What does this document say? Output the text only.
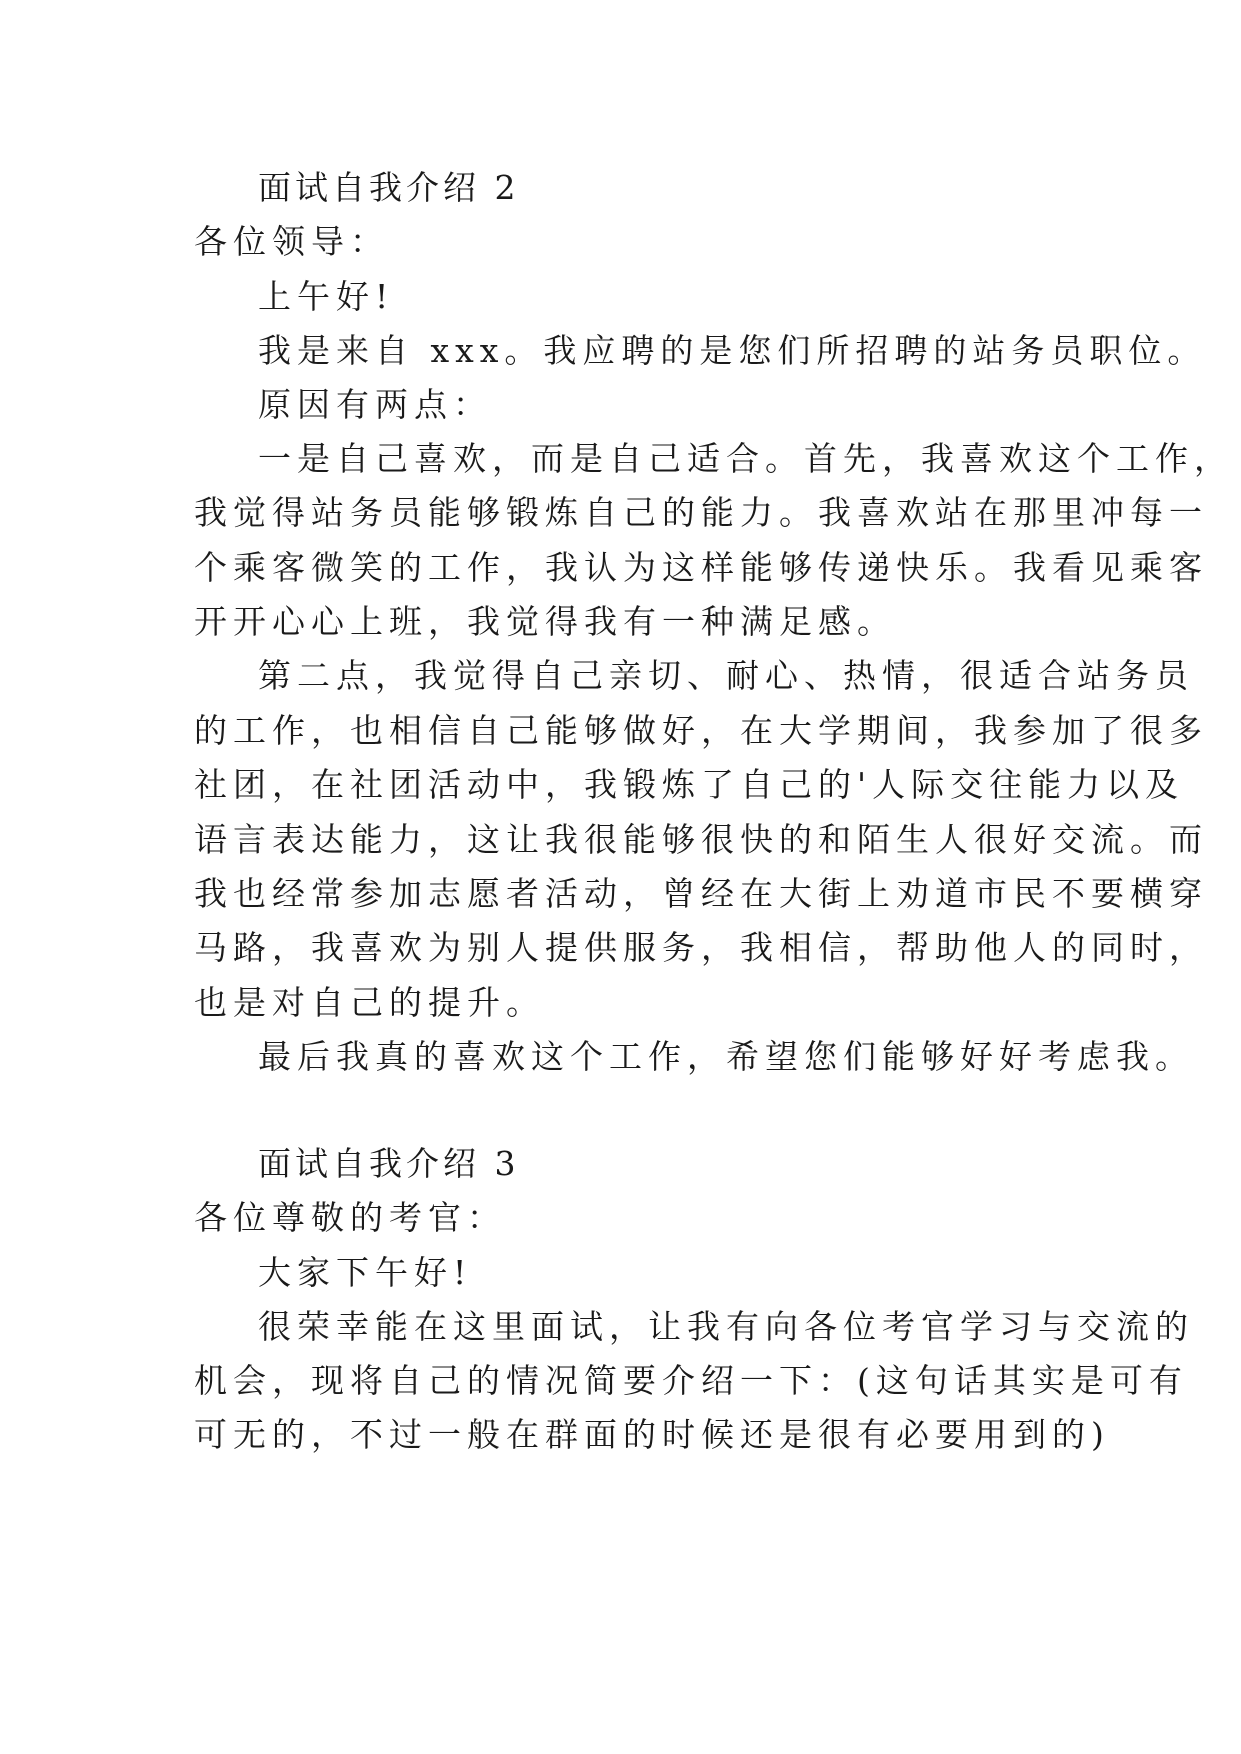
面试自我介绍 2
各位领导：
上午好!
我是来自 xxx。我应聘的是您们所招聘的站务员职位。
原因有两点：
一是自己喜欢，而是自己适合。首先，我喜欢这个工作，
我觉得站务员能够锻炼自己的能力。我喜欢站在那里冲每一
个乘客微笑的工作，我认为这样能够传递快乐。我看见乘客
开开心心上班，我觉得我有一种满足感。
第二点，我觉得自己亲切、耐心、热情，很适合站务员
的工作，也相信自己能够做好，在大学期间，我参加了很多
社团，在社团活动中，我锻炼了自己的'人际交往能力以及
语言表达能力，这让我很能够很快的和陌生人很好交流。而
我也经常参加志愿者活动，曾经在大街上劝道市民不要横穿
马路，我喜欢为别人提供服务，我相信，帮助他人的同时，
也是对自己的提升。
最后我真的喜欢这个工作，希望您们能够好好考虑我。
面试自我介绍 3
各位尊敬的考官：
大家下午好!
很荣幸能在这里面试，让我有向各位考官学习与交流的
机会，现将自己的情况简要介绍一下：(这句话其实是可有
可无的，不过一般在群面的时候还是很有必要用到的)
